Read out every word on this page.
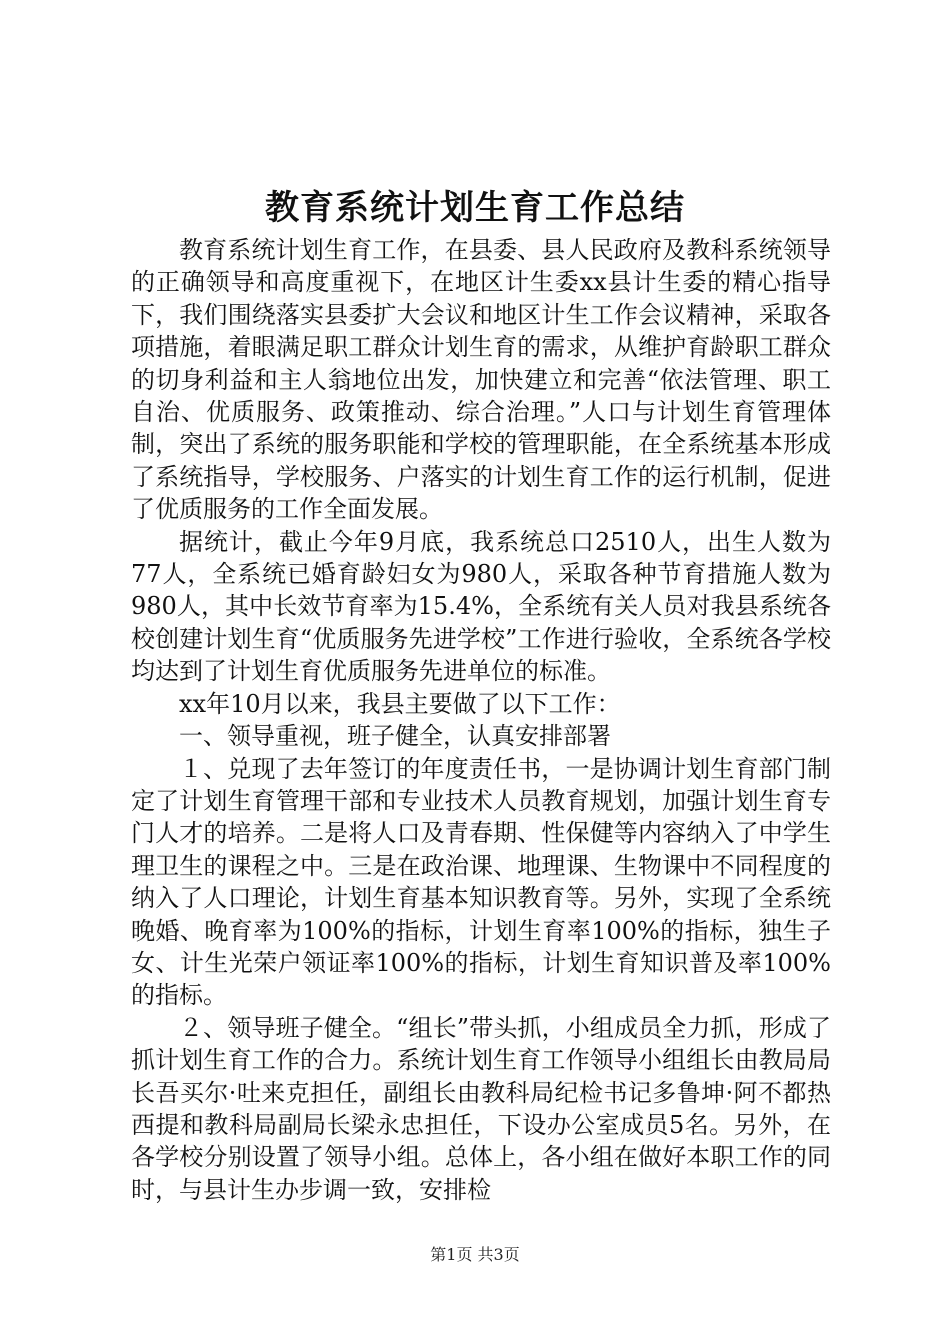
教育系统计划生育工作总结

教育系统计划生育工作，在县委、县人民政府及教科系统领导的正确领导和高度重视下，在地区计生委xx县计生委的精心指导下，我们围绕落实县委扩大会议和地区计生工作会议精神，采取各项措施，着眼满足职工群众计划生育的需求，从维护育龄职工群众的切身利益和主人翁地位出发，加快建立和完善“依法管理、职工自治、优质服务、政策推动、综合治理。”人口与计划生育管理体制，突出了系统的服务职能和学校的管理职能，在全系统基本形成了系统指导，学校服务、户落实的计划生育工作的运行机制，促进了优质服务的工作全面发展。

据统计，截止今年9月底，我系统总口2510人，出生人数为77人，全系统已婚育龄妇女为980人，采取各种节育措施人数为980人，其中长效节育率为15.4%，全系统有关人员对我县系统各校创建计划生育“优质服务先进学校”工作进行验收，全系统各学校均达到了计划生育优质服务先进单位的标准。

xx年10月以来，我县主要做了以下工作：

一、领导重视，班子健全，认真安排部署

１、兑现了去年签订的年度责任书，一是协调计划生育部门制定了计划生育管理干部和专业技术人员教育规划，加强计划生育专门人才的培养。二是将人口及青春期、性保健等内容纳入了中学生理卫生的课程之中。三是在政治课、地理课、生物课中不同程度的纳入了人口理论，计划生育基本知识教育等。另外，实现了全系统晚婚、晚育率为100%的指标，计划生育率100%的指标，独生子女、计生光荣户领证率100%的指标，计划生育知识普及率100%的指标。

２、领导班子健全。“组长”带头抓，小组成员全力抓，形成了抓计划生育工作的合力。系统计划生育工作领导小组组长由教局局长吾买尔·吐来克担任，副组长由教科局纪检书记多鲁坤·阿不都热西提和教科局副局长梁永忠担任，下设办公室成员5名。另外，在各学校分别设置了领导小组。总体上，各小组在做好本职工作的同时，与县计生办步调一致，安排检

第1页 共3页
